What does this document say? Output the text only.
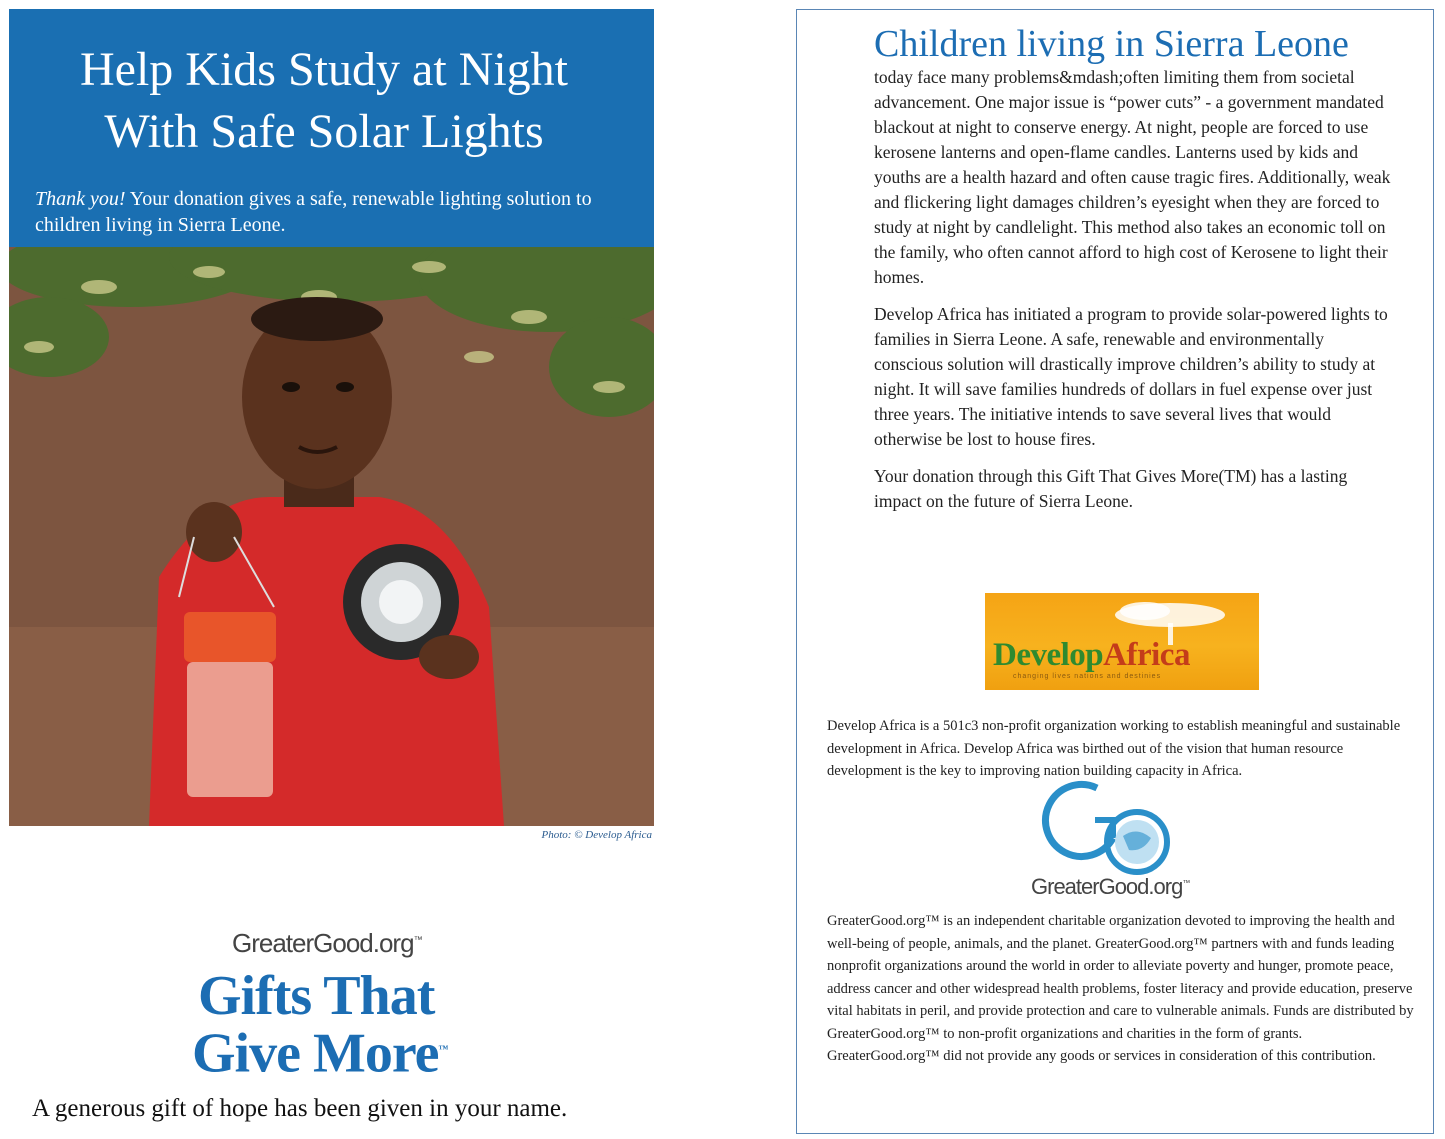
Help Kids Study at Night
With Safe Solar Lights
Thank you! Your donation gives a safe, renewable lighting solution to children living in Sierra Leone.
Photo: © Develop Africa
GreaterGood.org™
Gifts That
Give More™
A generous gift of hope has been given in your name.
Children living in Sierra Leone

today face many problems&mdash;often limiting them from societal advancement. One major issue is “power cuts” - a government mandated blackout at night to conserve energy. At night, people are forced to use kerosene lanterns and open-flame candles. Lanterns used by kids and youths are a health hazard and often cause tragic fires. Additionally, weak and flickering light damages children’s eyesight when they are forced to study at night by candlelight. This method also takes an economic toll on the family, who often cannot afford to high cost of Kerosene to light their homes.

Develop Africa has initiated a program to provide solar-powered lights to families in Sierra Leone. A safe, renewable and environmentally conscious solution will drastically improve children’s ability to study at night. It will save families hundreds of dollars in fuel expense over just three years. The initiative intends to save several lives that would otherwise be lost to house fires.

Your donation through this Gift That Gives More(TM) has a lasting impact on the future of Sierra Leone.

DevelopAfrica
changing lives nations and destinies
Develop Africa is a 501c3 non-profit organization working to establish meaningful and sustainable development in Africa. Develop Africa was birthed out of the vision that human resource development is the key to improving nation building capacity in Africa.
GreaterGood.org™
GreaterGood.org™ is an independent charitable organization devoted to improving the health and well-being of people, animals, and the planet. GreaterGood.org™ partners with and funds leading nonprofit organizations around the world in order to alleviate poverty and hunger, promote peace, address cancer and other widespread health problems, foster literacy and provide education, preserve vital habitats in peril, and provide protection and care to vulnerable animals. Funds are distributed by GreaterGood.org™ to non-profit organizations and charities in the form of grants. GreaterGood.org™ did not provide any goods or services in consideration of this contribution.
